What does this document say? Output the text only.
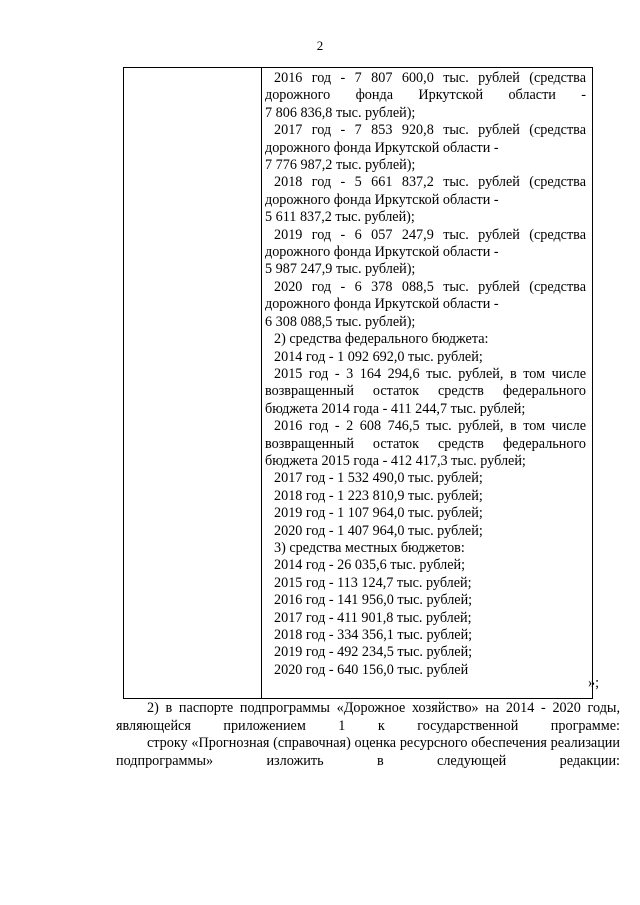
2
2016 год - 7 807 600,0 тыс. рублей (средства
дорожного фонда Иркутской области -
7 806 836,8 тыс. рублей);
2017 год - 7 853 920,8 тыс. рублей (средства
дорожного фонда Иркутской области -
7 776 987,2 тыс. рублей);
2018 год - 5 661 837,2 тыс. рублей (средства
дорожного фонда Иркутской области -
5 611 837,2 тыс. рублей);
2019 год - 6 057 247,9 тыс. рублей (средства
дорожного фонда Иркутской области -
5 987 247,9 тыс. рублей);
2020 год - 6 378 088,5 тыс. рублей (средства
дорожного фонда Иркутской области -
6 308 088,5 тыс. рублей);
2) средства федерального бюджета:
2014 год - 1 092 692,0 тыс. рублей;
2015 год - 3 164 294,6 тыс. рублей, в том числе
возвращенный остаток средств федерального
бюджета 2014 года - 411 244,7 тыс. рублей;
2016 год - 2 608 746,5 тыс. рублей, в том числе
возвращенный остаток средств федерального
бюджета 2015 года - 412 417,3 тыс. рублей;
2017 год - 1 532 490,0 тыс. рублей;
2018 год - 1 223 810,9 тыс. рублей;
2019 год - 1 107 964,0 тыс. рублей;
2020 год - 1 407 964,0 тыс. рублей;
3) средства местных бюджетов:
2014 год - 26 035,6 тыс. рублей;
2015 год - 113 124,7 тыс. рублей;
2016 год - 141 956,0 тыс. рублей;
2017 год - 411 901,8 тыс. рублей;
2018 год - 334 356,1 тыс. рублей;
2019 год - 492 234,5 тыс. рублей;
2020 год - 640 156,0 тыс. рублей
»;
2) в паспорте подпрограммы «Дорожное хозяйство» на 2014 - 2020 годы, являющейся приложением 1 к государственной программе:
строку «Прогнозная (справочная) оценка ресурсного обеспечения реализации подпрограммы» изложить в следующей редакции:
